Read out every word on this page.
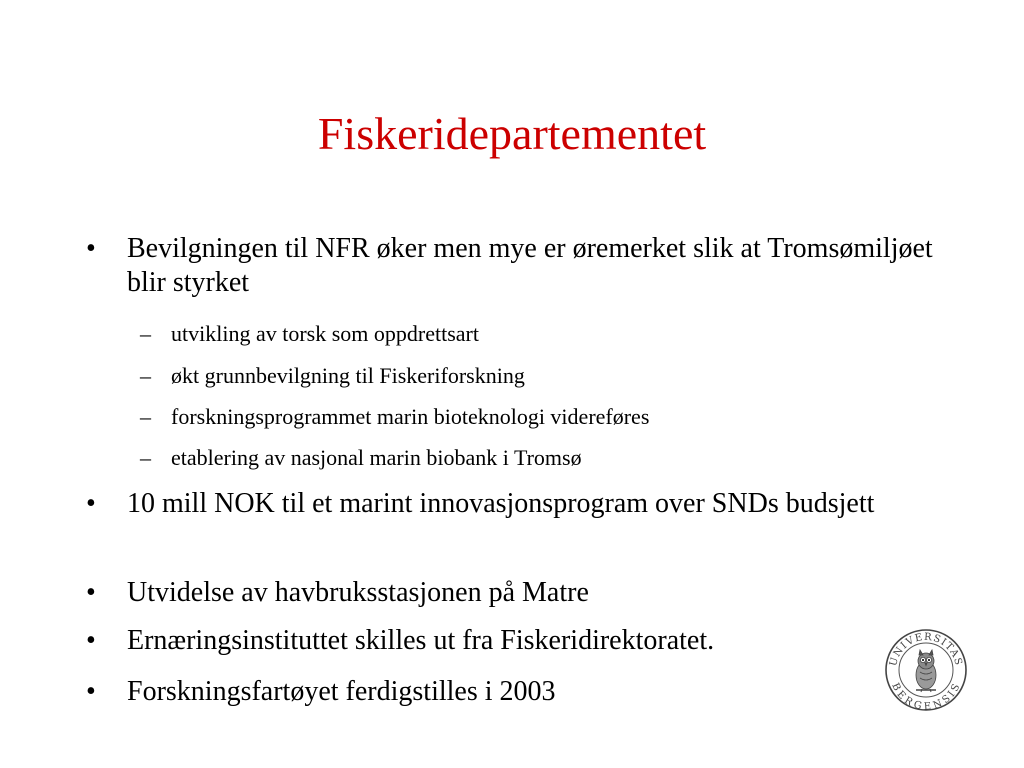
Fiskeridepartementet
•	Bevilgningen til NFR øker men mye er øremerket slik at Tromsømiljøet blir styrket
– utvikling av torsk som oppdrettsart
– økt grunnbevilgning til Fiskeriforskning
– forskningsprogrammet marin bioteknologi videreføres
– etablering av nasjonal marin biobank i Tromsø
•	10 mill NOK til et marint innovasjonsprogram over SNDs budsjett
•	Utvidelse av havbruksstasjonen på Matre
•	Ernæringsinstituttet skilles ut fra Fiskeridirektoratet.
•	Forskningsfartøyet ferdigstilles i 2003
UNIVERSITAS
BERGENSIS
